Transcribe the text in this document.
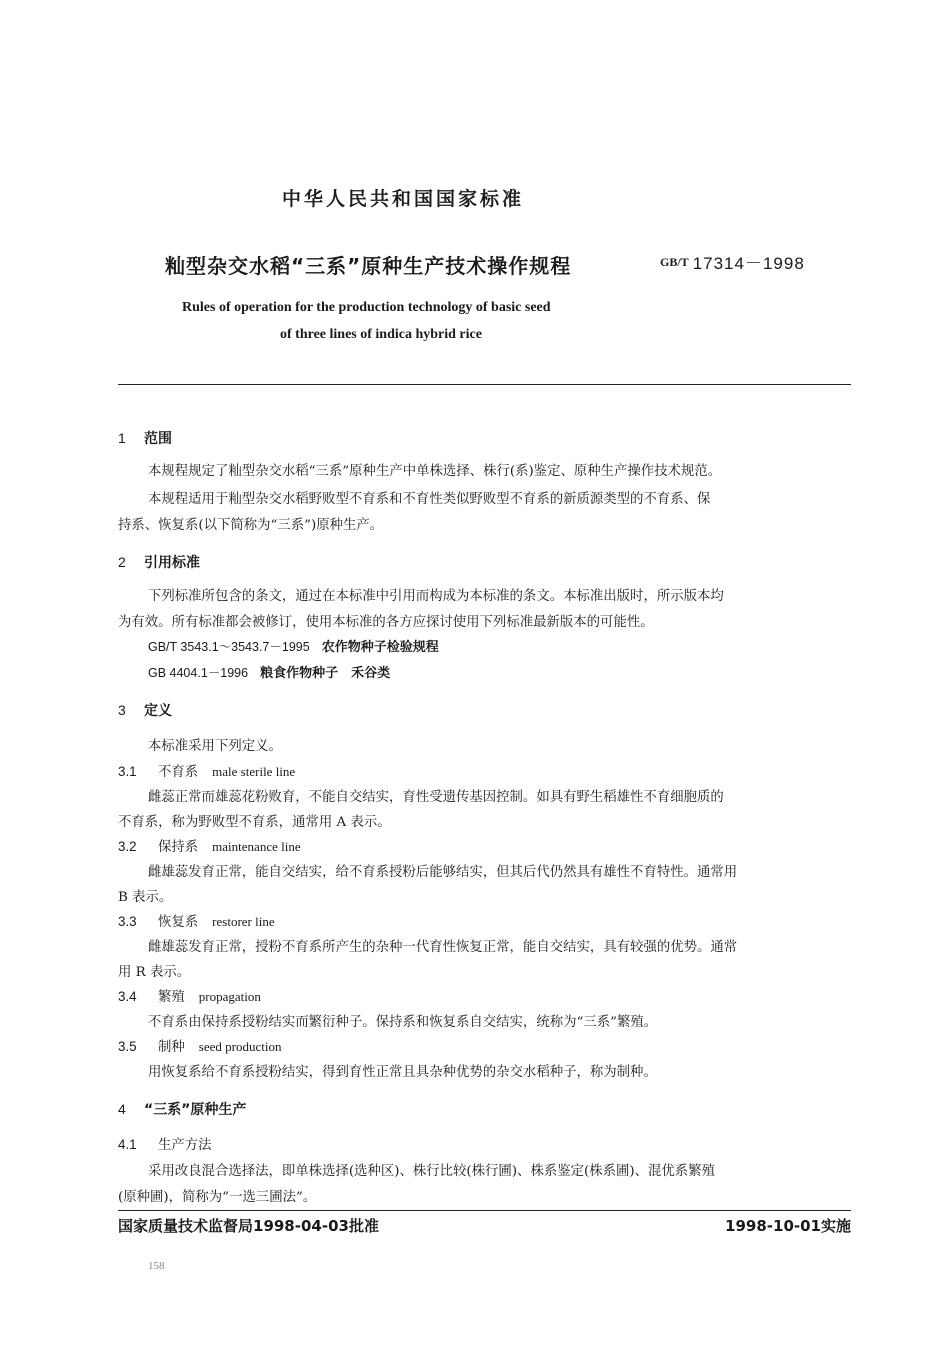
中华人民共和国国家标准
籼型杂交水稻“三系”原种生产技术操作规程	GB/T 17314－1998
Rules of operation for the production technology of basic seed
of three lines of indica hybrid rice
1 范围
本规程规定了籼型杂交水稻“三系”原种生产中单株选择、株行(系)鉴定、原种生产操作技术规范。
本规程适用于籼型杂交水稻野败型不育系和不育性类似野败型不育系的新质源类型的不育系、保
持系、恢复系(以下简称为“三系”)原种生产。
2 引用标准
下列标准所包含的条文，通过在本标准中引用而构成为本标准的条文。本标准出版时，所示版本均
为有效。所有标准都会被修订，使用本标准的各方应探讨使用下列标准最新版本的可能性。
GB/T 3543.1～3543.7－1995 农作物种子检验规程
GB 4404.1－1996 粮食作物种子　禾谷类
3 定义
本标准采用下列定义。
3.1 不育系 male sterile line
雌蕊正常而雄蕊花粉败育，不能自交结实，育性受遗传基因控制。如具有野生稻雄性不育细胞质的
不育系，称为野败型不育系，通常用 A 表示。
3.2 保持系 maintenance line
雌雄蕊发育正常，能自交结实，给不育系授粉后能够结实，但其后代仍然具有雄性不育特性。通常用
B 表示。
3.3 恢复系 restorer line
雌雄蕊发育正常，授粉不育系所产生的杂种一代育性恢复正常，能自交结实，具有较强的优势。通常
用 R 表示。
3.4 繁殖 propagation
不育系由保持系授粉结实而繁衍种子。保持系和恢复系自交结实，统称为“三系”繁殖。
3.5 制种 seed production
用恢复系给不育系授粉结实，得到育性正常且具杂种优势的杂交水稻种子，称为制种。
4 “三系”原种生产
4.1 生产方法
采用改良混合选择法，即单株选择(选种区)、株行比较(株行圃)、株系鉴定(株系圃)、混优系繁殖
(原种圃)，简称为“一选三圃法”。
国家质量技术监督局1998-04-03批准	1998-10-01实施
158
